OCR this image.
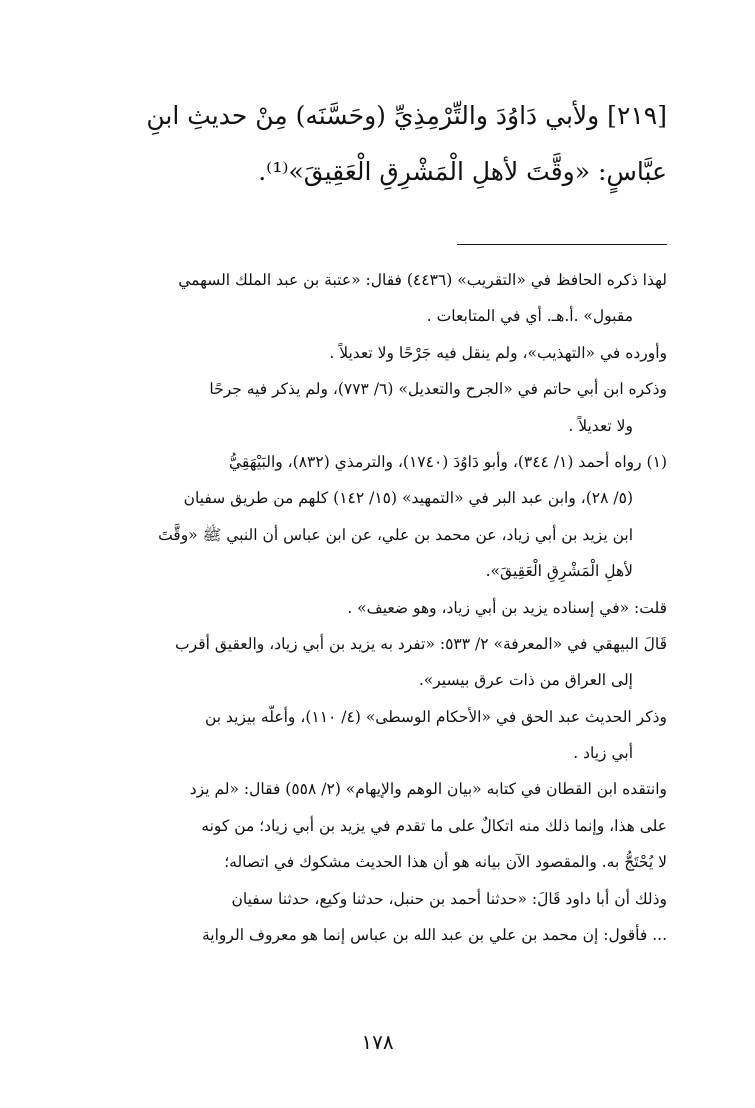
[٢١٩] ولأبي دَاوُدَ والتِّرْمِذِيِّ (وحَسَّنَه) مِنْ حديثِ ابنِ
عبَّاسٍ: «وقَّتَ لأهلِ الْمَشْرِقِ الْعَقِيقَ»⁽¹⁾.
لهذا ذكره الحافظ في «التقريب» (٤٤٣٦) فقال: «عتبة بن عبد الملك السهمي
مقبول» .أ.هـ. أي في المتابعات .
وأورده في «التهذيب»، ولم ينقل فيه جَرْحًا ولا تعديلاً .
وذكره ابن أبي حاتم في «الجرح والتعديل» (٦/ ٧٧٣)، ولم يذكر فيه جرحًا
ولا تعديلاً .
(١) رواه أحمد (١/ ٣٤٤)، وأبو دَاوُدَ (١٧٤٠)، والترمذي (٨٣٢)، والبَيْهَقِيُّ
(٥/ ٢٨)، وابن عبد البر في «التمهيد» (١٥/ ١٤٢) كلهم من طريق سفيان
ابن يزيد بن أبي زياد، عن محمد بن علي، عن ابن عباس أن النبي ﷺ «وقَّتَ
لأهلِ الْمَشْرِقِ الْعَقِيقَ».
قلت: «في إسناده يزيد بن أبي زياد، وهو ضعيف» .
قَالَ البيهقي في «المعرفة» ٢/ ٥٣٣: «تفرد به يزيد بن أبي زياد، والعقيق أقرب
إلى العراق من ذات عرق بيسير».
وذكر الحديث عبد الحق في «الأحكام الوسطى» (٤/ ١١٠)، وأعلّه بيزيد بن
أبي زياد .
وانتقده ابن القطان في كتابه «بيان الوهم والإيهام» (٢/ ٥٥٨) فقال: «لم يزد
على هذا، وإنما ذلك منه اتكالٌ على ما تقدم في يزيد بن أبي زياد؛ من كونه
لا يُحْتَجُّ به. والمقصود الآن بيانه هو أن هذا الحديث مشكوك في اتصاله؛
وذلك أن أبا داود قَالَ: «حدثنا أحمد بن حنبل، حدثنا وكيع، حدثنا سفيان
... فأقول: إن محمد بن علي بن عبد الله بن عباس إنما هو معروف الرواية
١٧٨
